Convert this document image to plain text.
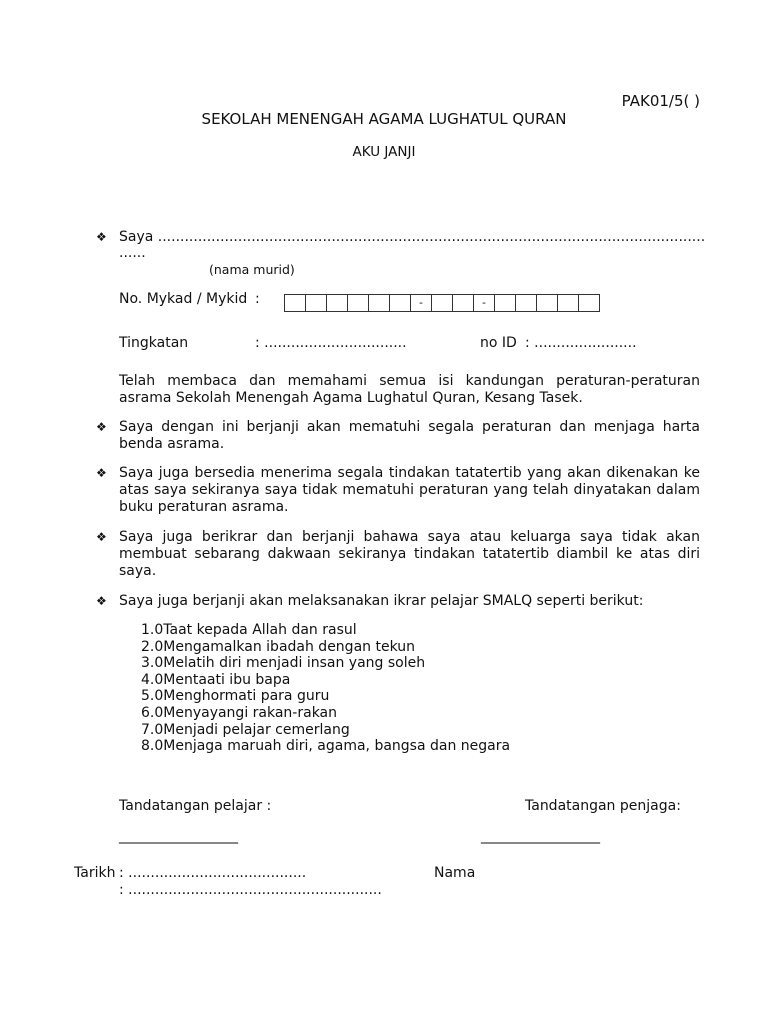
PAK01/5( )
SEKOLAH MENENGAH AGAMA LUGHATUL QURAN
AKU JANJI
❖ Saya ...........................................................................................................................
......
(nama murid)
No. Mykad / Mykid :	-	-
Tingkatan	: ................................	no ID : .......................
Telah membaca dan memahami semua isi kandungan peraturan-peraturan asrama Sekolah Menengah Agama Lughatul Quran, Kesang Tasek.
❖ Saya dengan ini berjanji akan mematuhi segala peraturan dan menjaga harta benda asrama.
❖ Saya juga bersedia menerima segala tindakan tatatertib yang akan dikenakan ke atas saya sekiranya saya tidak mematuhi peraturan yang telah dinyatakan dalam buku peraturan asrama.
❖ Saya juga berikrar dan berjanji bahawa saya atau keluarga saya tidak akan membuat sebarang dakwaan sekiranya tindakan tatatertib diambil ke atas diri saya.
❖ Saya juga berjanji akan melaksanakan ikrar pelajar SMALQ seperti berikut:
1.0Taat kepada Allah dan rasul
2.0Mengamalkan ibadah dengan tekun
3.0Melatih diri menjadi insan yang soleh
4.0Mentaati ibu bapa
5.0Menghormati para guru
6.0Menyayangi rakan-rakan
7.0Menjadi pelajar cemerlang
8.0Menjaga maruah diri, agama, bangsa dan negara
Tandatangan pelajar :	Tandatangan penjaga:
_________________	_________________
Tarikh : ........................................	Nama
: .........................................................
